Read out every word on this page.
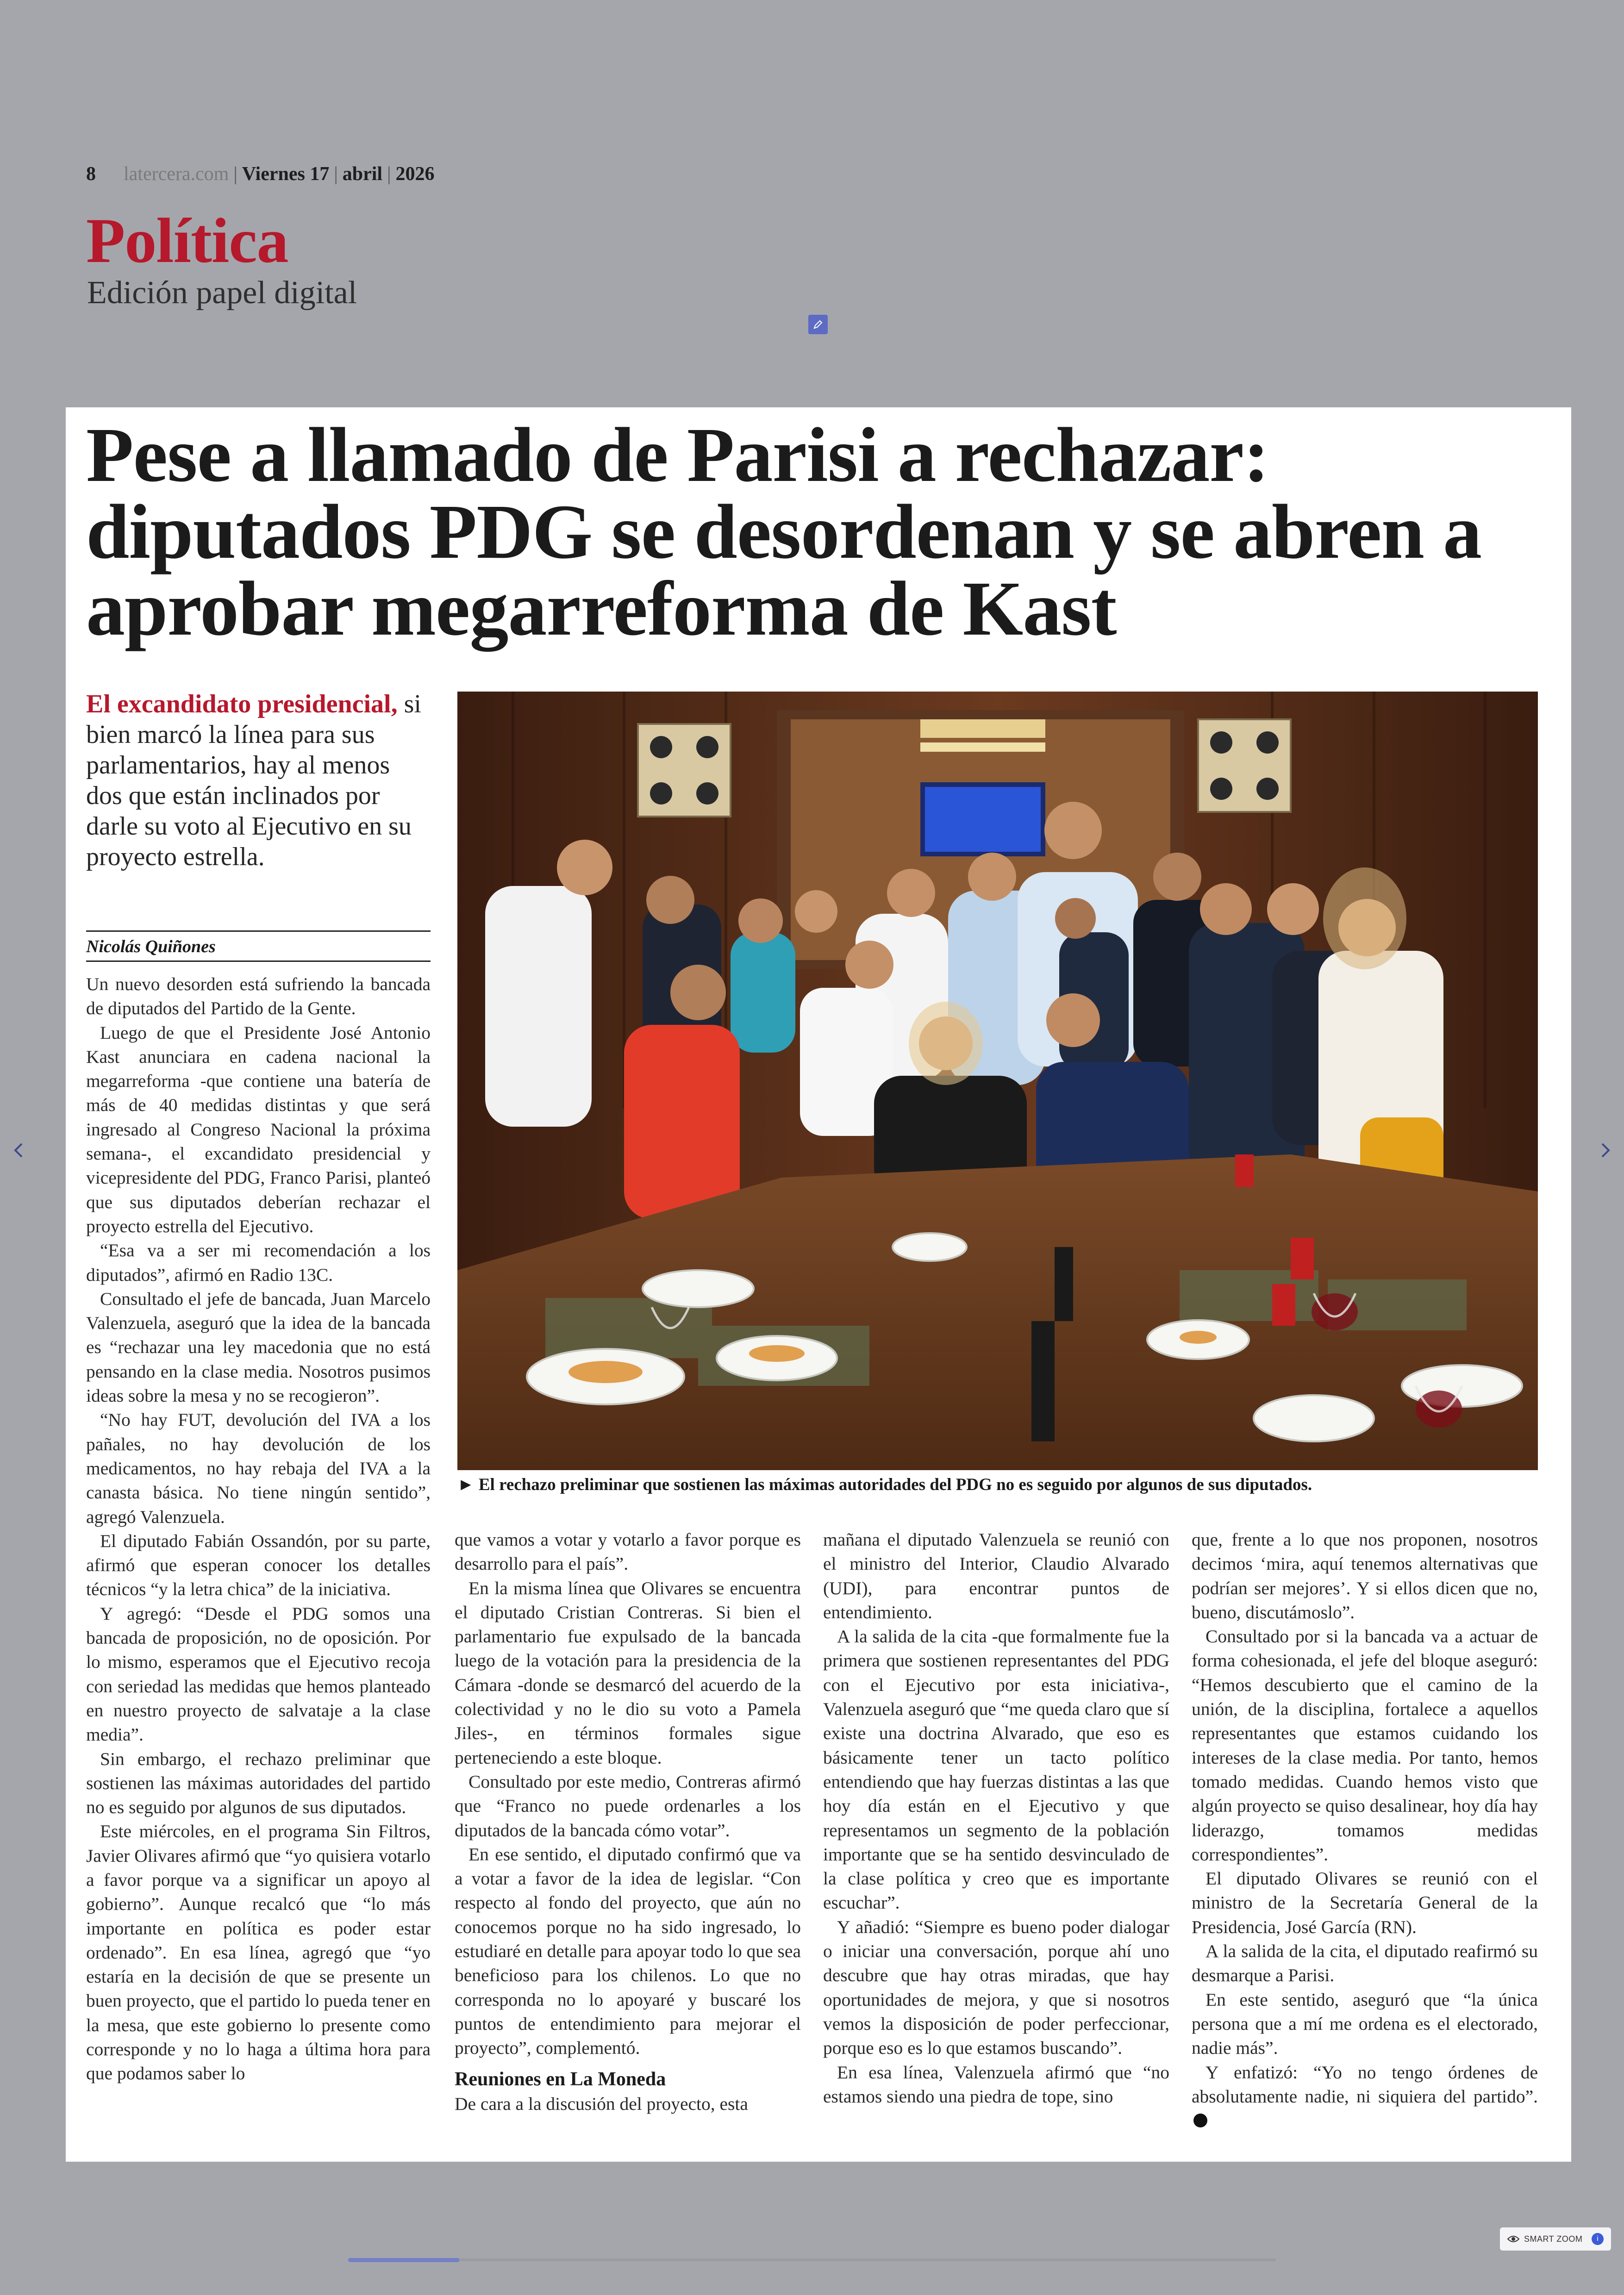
8 latercera.com | Viernes 17 | abril | 2026
Política
Edición papel digital
Pese a llamado de Parisi a rechazar: diputados PDG se desordenan y se abren a aprobar megarreforma de Kast

El excandidato presidencial, si bien marcó la línea para sus parlamentarios, hay al menos dos que están inclinados por darle su voto al Ejecutivo en su proyecto estrella.

Nicolás Quiñones
► El rechazo preliminar que sostienen las máximas autoridades del PDG no es seguido por algunos de sus diputados.

Un nuevo desorden está sufriendo la bancada de diputados del Partido de la Gente.

Luego de que el Presidente José Antonio Kast anunciara en cadena nacional la megarreforma -que contiene una batería de más de 40 medidas distintas y que será ingresado al Congreso Nacional la próxima semana-, el excandidato presidencial y vicepresidente del PDG, Franco Parisi, planteó que sus diputados deberían rechazar el proyecto estrella del Ejecutivo.

“Esa va a ser mi recomendación a los diputados”, afirmó en Radio 13C.

Consultado el jefe de bancada, Juan Marcelo Valenzuela, aseguró que la idea de la bancada es “rechazar una ley macedonia que no está pensando en la clase media. Nosotros pusimos ideas sobre la mesa y no se recogieron”.

“No hay FUT, devolución del IVA a los pañales, no hay devolución de los medicamentos, no hay rebaja del IVA a la canasta básica. No tiene ningún sentido”, agregó Valenzuela.

El diputado Fabián Ossandón, por su parte, afirmó que esperan conocer los detalles técnicos “y la letra chica” de la iniciativa.

Y agregó: “Desde el PDG somos una bancada de proposición, no de oposición. Por lo mismo, esperamos que el Ejecutivo recoja con seriedad las medidas que hemos planteado en nuestro proyecto de salvataje a la clase media”.

Sin embargo, el rechazo preliminar que sostienen las máximas autoridades del partido no es seguido por algunos de sus diputados.

Este miércoles, en el programa Sin Filtros, Javier Olivares afirmó que “yo quisiera votarlo a favor porque va a significar un apoyo al gobierno”. Aunque recalcó que “lo más importante en política es poder estar ordenado”. En esa línea, agregó que “yo estaría en la decisión de que se presente un buen proyecto, que el partido lo pueda tener en la mesa, que este gobierno lo presente como corresponde y no lo haga a última hora para que podamos saber lo

que vamos a votar y votarlo a favor porque es desarrollo para el país”.

En la misma línea que Olivares se encuentra el diputado Cristian Contreras. Si bien el parlamentario fue expulsado de la bancada luego de la votación para la presidencia de la Cámara -donde se desmarcó del acuerdo de la colectividad y no le dio su voto a Pamela Jiles-, en términos formales sigue perteneciendo a este bloque.

Consultado por este medio, Contreras afirmó que “Franco no puede ordenarles a los diputados de la bancada cómo votar”.

En ese sentido, el diputado confirmó que va a votar a favor de la idea de legislar. “Con respecto al fondo del proyecto, que aún no conocemos porque no ha sido ingresado, lo estudiaré en detalle para apoyar todo lo que sea beneficioso para los chilenos. Lo que no corresponda no lo apoyaré y buscaré los puntos de entendimiento para mejorar el proyecto”, complementó.

Reuniones en La Moneda

De cara a la discusión del proyecto, esta

mañana el diputado Valenzuela se reunió con el ministro del Interior, Claudio Alvarado (UDI), para encontrar puntos de entendimiento.

A la salida de la cita -que formalmente fue la primera que sostienen representantes del PDG con el Ejecutivo por esta iniciativa-, Valenzuela aseguró que “me queda claro que sí existe una doctrina Alvarado, que eso es básicamente tener un tacto político entendiendo que hay fuerzas distintas a las que hoy día están en el Ejecutivo y que representamos un segmento de la población importante que se ha sentido desvinculado de la clase política y creo que es importante escuchar”.

Y añadió: “Siempre es bueno poder dialogar o iniciar una conversación, porque ahí uno descubre que hay otras miradas, que hay oportunidades de mejora, y que si nosotros vemos la disposición de poder perfeccionar, porque eso es lo que estamos buscando”.

En esa línea, Valenzuela afirmó que “no estamos siendo una piedra de tope, sino

que, frente a lo que nos proponen, nosotros decimos ‘mira, aquí tenemos alternativas que podrían ser mejores’. Y si ellos dicen que no, bueno, discutámoslo”.

Consultado por si la bancada va a actuar de forma cohesionada, el jefe del bloque aseguró: “Hemos descubierto que el camino de la unión, de la disciplina, fortalece a aquellos representantes que estamos cuidando los intereses de la clase media. Por tanto, hemos tomado medidas. Cuando hemos visto que algún proyecto se quiso desalinear, hoy día hay liderazgo, tomamos medidas correspondientes”.

El diputado Olivares se reunió con el ministro de la Secretaría General de la Presidencia, José García (RN).

A la salida de la cita, el diputado reafirmó su desmarque a Parisi.

En este sentido, aseguró que “la única persona que a mí me ordena es el electorado, nadie más”.

Y enfatizó: “Yo no tengo órdenes de absolutamente nadie, ni siquiera del partido”.

SMART ZOOM	i
